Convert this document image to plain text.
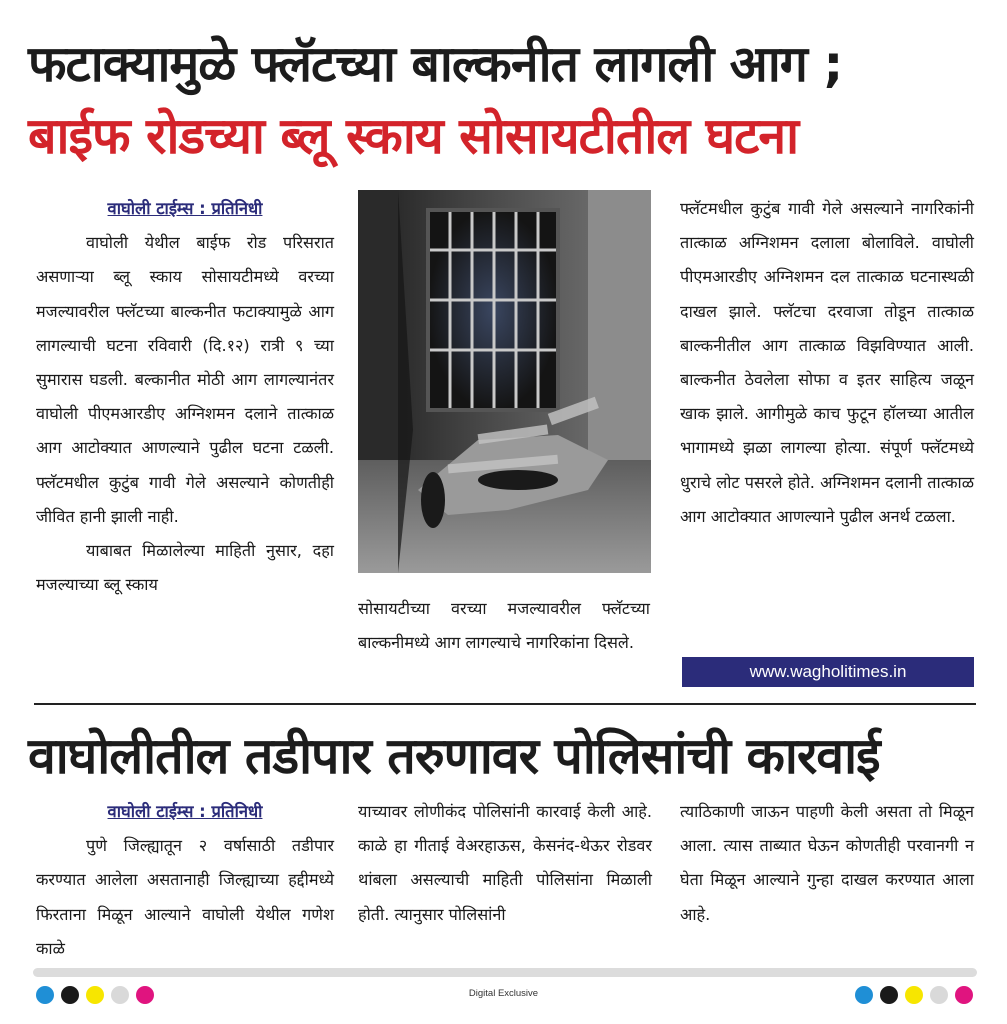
फटाक्यामुळे फ्लॅटच्या बाल्कनीत लागली आग ;
बाईफ रोडच्या ब्लू स्काय सोसायटीतील घटना
वाघोली टाईम्स : प्रतिनिधी

वाघोली येथील बाईफ रोड परिसरात असणाऱ्या ब्लू स्काय सोसायटीमध्ये वरच्या मजल्यावरील फ्लॅटच्या बाल्कनीत फटाक्यामुळे आग लागल्याची घटना रविवारी (दि.१२) रात्री ९ च्या सुमारास घडली. बल्कानीत मोठी आग लागल्यानंतर वाघोली पीएमआरडीए अग्निशमन दलाने तात्काळ आग आटोक्यात आणल्याने पुढील घटना टळली. फ्लॅटमधील कुटुंब गावी गेले असल्याने कोणतीही जीवित हानी झाली नाही.

याबाबत मिळालेल्या माहिती नुसार, दहा मजल्याच्या ब्लू स्काय

सोसायटीच्या वरच्या मजल्यावरील फ्लॅटच्या बाल्कनीमध्ये आग लागल्याचे नागरिकांना दिसले.

फ्लॅटमधील कुटुंब गावी गेले असल्याने नागरिकांनी तात्काळ अग्निशमन दलाला बोलाविले. वाघोली पीएमआरडीए अग्निशमन दल तात्काळ घटनास्थळी दाखल झाले. फ्लॅटचा दरवाजा तोडून तात्काळ बाल्कनीतील आग तात्काळ विझविण्यात आली. बाल्कनीत ठेवलेला सोफा व इतर साहित्य जळून खाक झाले. आगीमुळे काच फुटून हॉलच्या आतील भागामध्ये झळा लागल्या होत्या. संपूर्ण फ्लॅटमध्ये धुराचे लोट पसरले होते. अग्निशमन दलानी तात्काळ आग आटोक्यात आणल्याने पुढील अनर्थ टळला.

www.wagholitimes.in
वाघोलीतील तडीपार तरुणावर पोलिसांची कारवाई
वाघोली टाईम्स : प्रतिनिधी

पुणे जिल्ह्यातून २ वर्षासाठी तडीपार करण्यात आलेला असतानाही जिल्ह्याच्या हद्दीमध्ये फिरताना मिळून आल्याने वाघोली येथील गणेश काळे

याच्यावर लोणीकंद पोलिसांनी कारवाई केली आहे. काळे हा गीताई वेअरहाऊस, केसनंद-थेऊर रोडवर थांबला असल्याची माहिती पोलिसांना मिळाली होती. त्यानुसार पोलिसांनी

त्याठिकाणी जाऊन पाहणी केली असता तो मिळून आला. त्यास ताब्यात घेऊन कोणतीही परवानगी न घेता मिळून आल्याने गुन्हा दाखल करण्यात आला आहे.

Digital Exclusive
